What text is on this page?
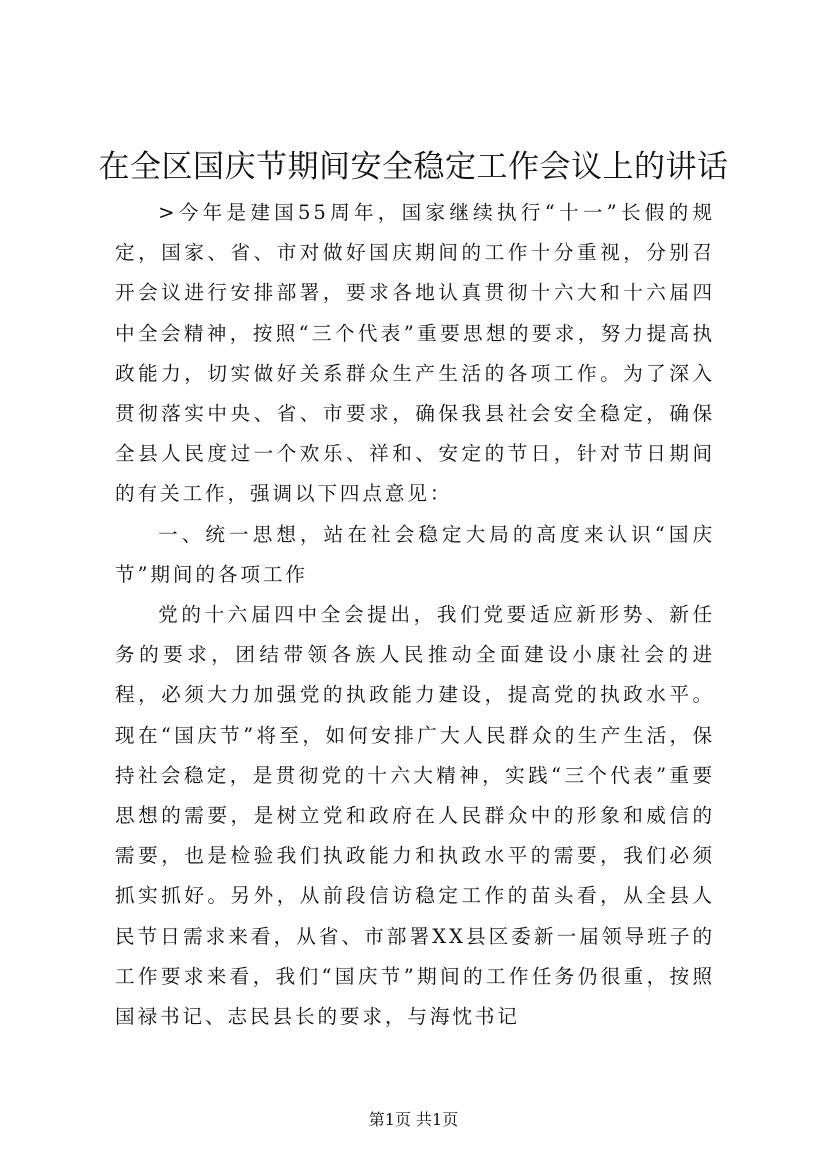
在全区国庆节期间安全稳定工作会议上的讲话

>今年是建国55周年，国家继续执行“十一”长假的规定，国家、省、市对做好国庆期间的工作十分重视，分别召开会议进行安排部署，要求各地认真贯彻十六大和十六届四中全会精神，按照“三个代表”重要思想的要求，努力提高执政能力，切实做好关系群众生产生活的各项工作。为了深入贯彻落实中央、省、市要求，确保我县社会安全稳定，确保全县人民度过一个欢乐、祥和、安定的节日，针对节日期间的有关工作，强调以下四点意见：

一、统一思想，站在社会稳定大局的高度来认识“国庆节”期间的各项工作

党的十六届四中全会提出，我们党要适应新形势、新任务的要求，团结带领各族人民推动全面建设小康社会的进程，必须大力加强党的执政能力建设，提高党的执政水平。现在“国庆节”将至，如何安排广大人民群众的生产生活，保持社会稳定，是贯彻党的十六大精神，实践“三个代表”重要思想的需要，是树立党和政府在人民群众中的形象和威信的需要，也是检验我们执政能力和执政水平的需要，我们必须抓实抓好。另外，从前段信访稳定工作的苗头看，从全县人民节日需求来看，从省、市部署XX县区委新一届领导班子的工作要求来看，我们“国庆节”期间的工作任务仍很重，按照国禄书记、志民县长的要求，与海忱书记

第1页 共1页
